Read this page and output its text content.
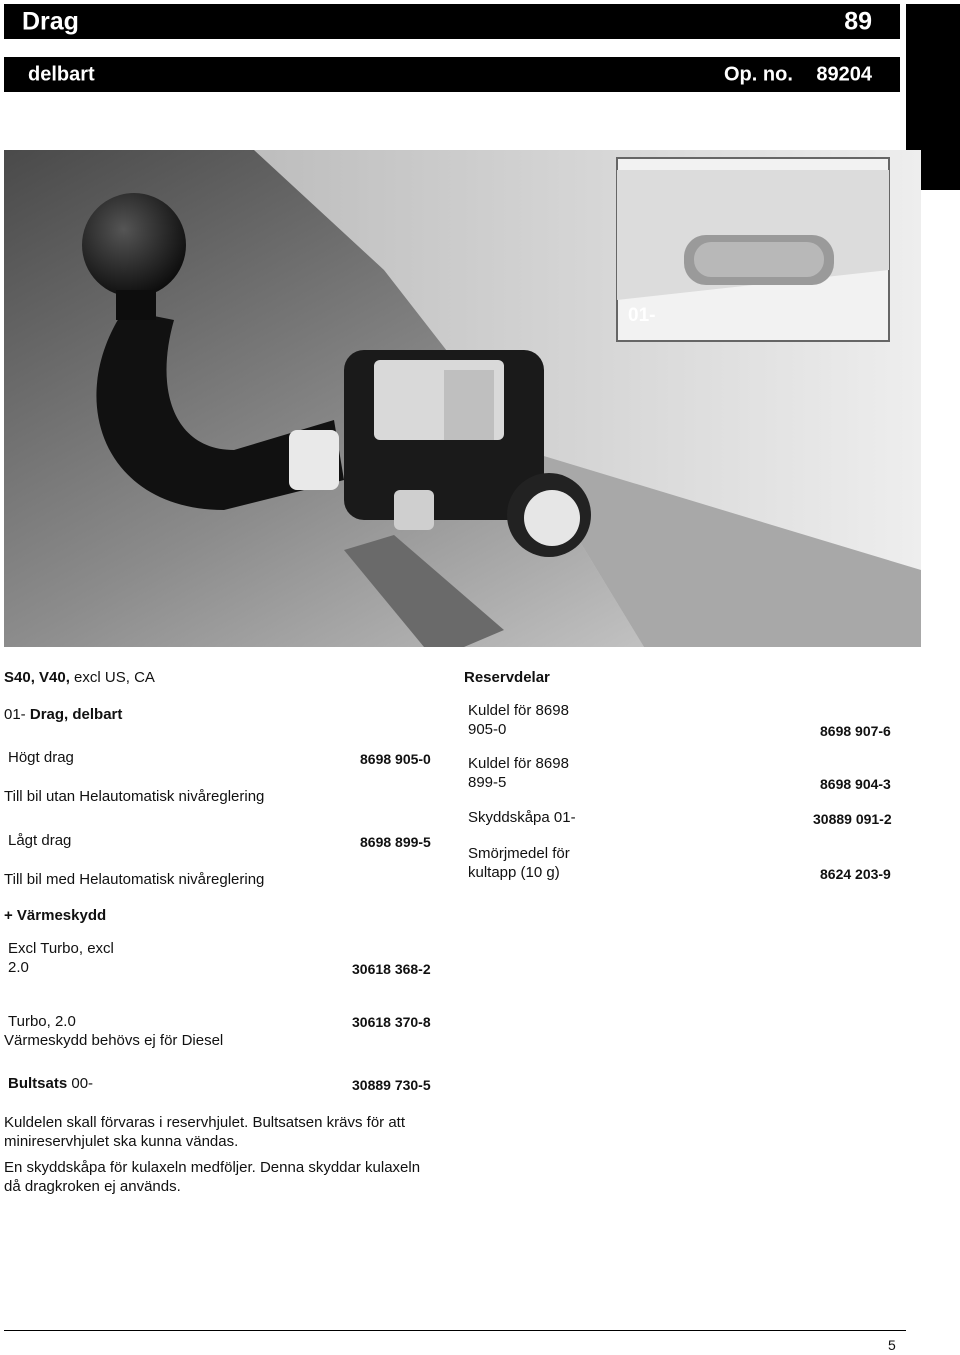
Drag	89
delbart	Op. no. 89204
01-
S40, V40, excl US, CA
01- Drag, delbart
Högt drag	8698 905-0
Till bil utan Helautomatisk nivåreglering
Lågt drag	8698 899-5
Till bil med Helautomatisk nivåreglering
+ Värmeskydd
Excl Turbo, excl
2.0	30618 368-2
Turbo, 2.0	30618 370-8
Värmeskydd behövs ej för Diesel
Bultsats 00-	30889 730-5
Kuldelen skall förvaras i reservhjulet. Bultsatsen krävs för att
minireservhjulet ska kunna vändas.
En skyddskåpa för kulaxeln medföljer. Denna skyddar kulaxeln
då dragkroken ej används.
Reservdelar
Kuldel för 8698
905-0	8698 907-6
Kuldel för 8698
899-5	8698 904-3
Skyddskåpa 01-	30889 091-2
Smörjmedel för
kultapp (10 g)	8624 203-9
5
